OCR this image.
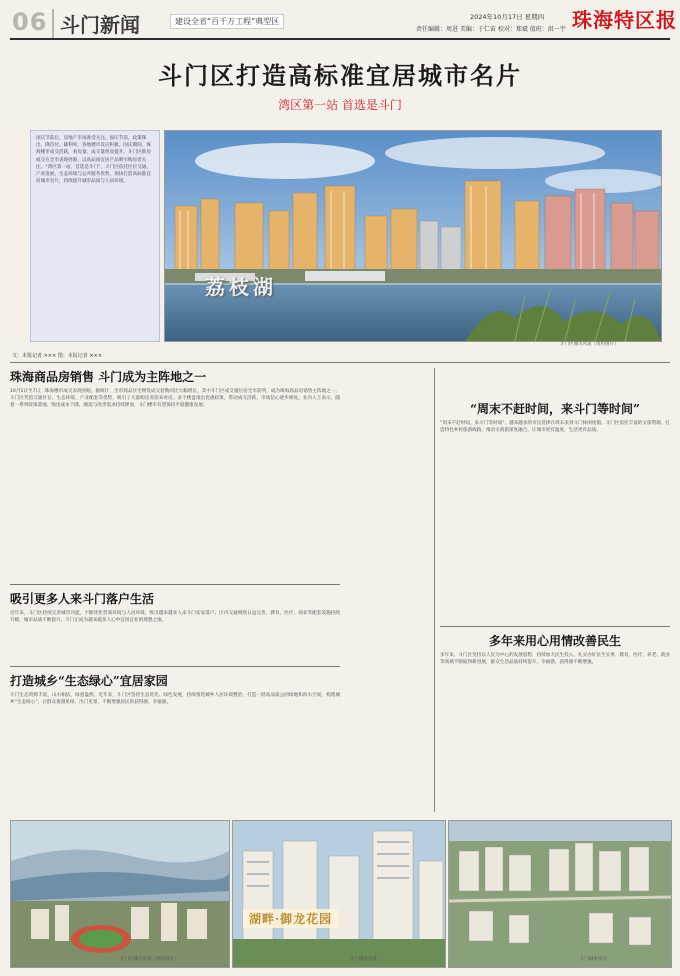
06 斗门新闻	建设全省“百千万工程”典型区	2024年10月17日 星期四
责任编辑：周进 美编：于仁宙 校对：郑斌 值班：洪一宇 珠海特区报
斗门区打造高标准宜居城市名片
湾区第一站 首选是斗门
国庆节前后，房地产市场备受关注。国庆节前，政策频出，降首付、降利率，各地楼市反应积极。国庆期间，珠海楼市成交活跃，看房量、成交量明显提升。斗门区新房成交在全市表现亮眼，以高品质宜居产品吸引购房者关注。“湾区第一站，首选是斗门”，斗门区依托区位交通、产业发展、生态环境与公共服务优势，加快打造高标准宜居城市名片，持续提升城市品质与人居环境。
荔枝湖
斗门区城市风貌（资料图片）
文：本报记者 ××× 图：本报记者 ×××
珠海商品房销售 斗门成为主阵地之一
10月1日至7日，珠海楼市成交表现亮眼，据统计，全市商品住宅网签成交套数同比大幅增长，其中斗门区成交量位居全市前列，成为珠海商品房销售主阵地之一。斗门区凭借交通区位、生态环境、产业配套等优势，吸引了大量购房者前来看房。多个楼盘推出优惠政策，带动成交活跃，市场信心逐步修复。业内人士表示，随着一系列政策落地，购房成本下降，刚需与改善需求持续释放，斗门楼市有望保持平稳健康发展。
吸引更多人来斗门落户生活
近年来，斗门区持续完善城市功能，不断优化营商环境与人居环境，吸引越来越多人来斗门安家落户。区内交通网络日益完善，教育、医疗、商业等配套设施持续升级，城市品质不断提升，斗门正成为越来越多人心中宜居宜业的理想之地。
打造城乡“生态绿心”宜居家园
斗门生态资源丰富，山水相依，绿意盎然。近年来，斗门区坚持生态优先、绿色发展，持续推进城乡人居环境整治，打造一批高品质公园绿地和滨水空间，构建城乡“生态绿心”，让群众推窗见绿、出门见景，不断增强居民的获得感、幸福感。
“周末不赶时间，来斗门等时间”
“周末不赶时间，来斗门等时间”，越来越多的市民选择在周末来到斗门休闲度假。斗门区依托丰富的文旅资源，打造特色乡村旅游线路，推动文商旅深度融合，让城市更有温度、生活更有品质。
多年来用心用情改善民生
多年来，斗门区坚持以人民为中心的发展思想，持续加大民生投入，扎实办好民生实事，教育、医疗、养老、就业等领域不断取得新进展，群众生活品质持续提升，幸福感、获得感不断增强。
湖畔·御龙花园
斗门区城市风貌（资料图片）	斗门楼盘实景	斗门城乡风光
